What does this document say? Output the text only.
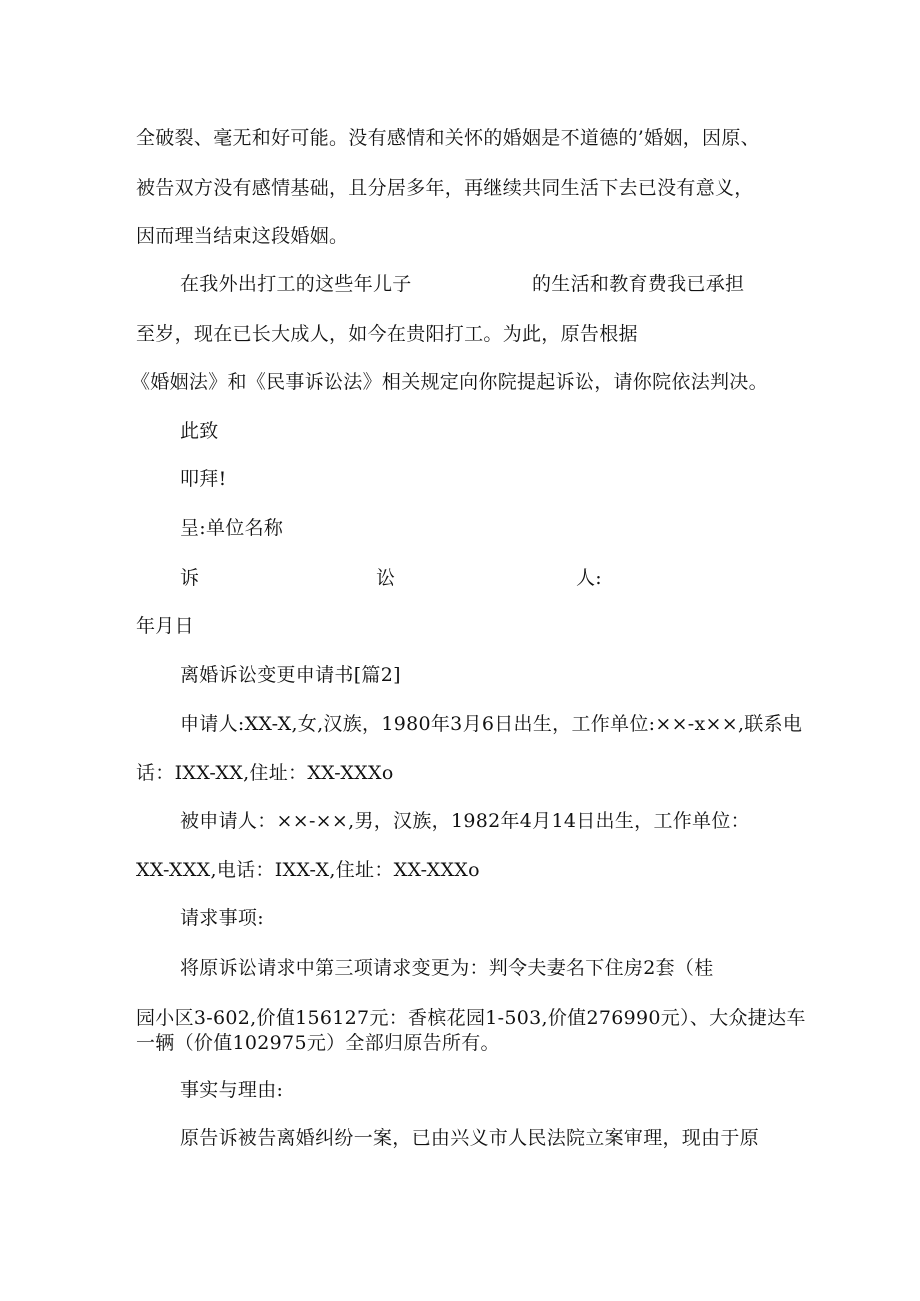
全破裂、毫无和好可能。没有感情和关怀的婚姻是不道德的’婚姻，因原、
被告双方没有感情基础，且分居多年，再继续共同生活下去已没有意义，
因而理当结束这段婚姻。
在我外出打工的这些年儿子	的生活和教育费我已承担
至岁，现在已长大成人，如今在贵阳打工。为此，原告根据
《婚姻法》和《民事诉讼法》相关规定向你院提起诉讼，请你院依法判决。
此致
叩拜!
呈:单位名称
诉	讼	人:
年月日
离婚诉讼变更申请书[篇2]
申请人:XX-X,女,汉族，1980年3月6日出生，工作单位:××-x××,联系电
话：IXX-XX,住址：XX-XXXo
被申请人：××-××,男，汉族，1982年4月14日出生，工作单位：
XX-XXX,电话：IXX-X,住址：XX-XXXo
请求事项:
将原诉讼请求中第三项请求变更为：判令夫妻名下住房2套（桂
园小区3-602,价值156127元：香槟花园1-503,价值276990元）、大众捷达车
一辆（价值102975元）全部归原告所有。
事实与理由:
原告诉被告离婚纠纷一案，已由兴义市人民法院立案审理，现由于原
